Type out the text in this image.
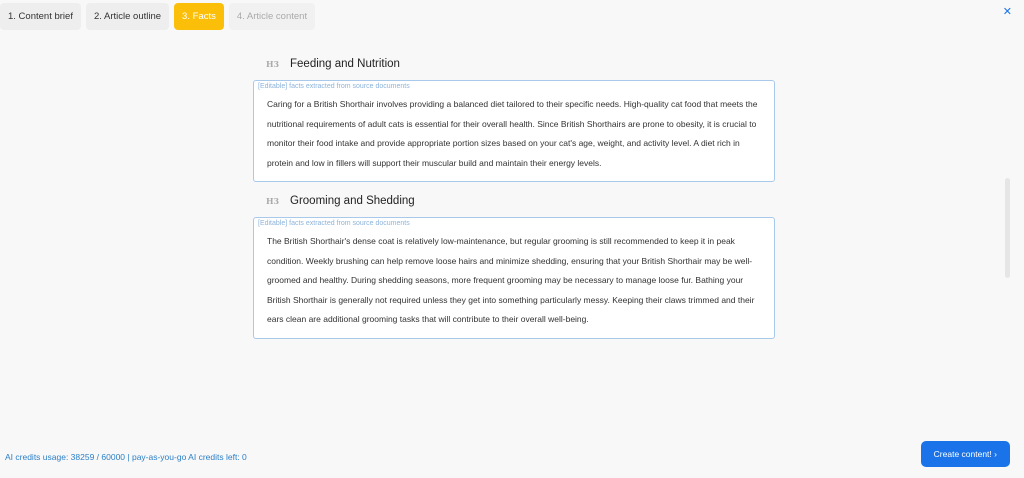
1. Content brief	2. Article outline	3. Facts	4. Article content	✕
H3 Feeding and Nutrition
[Editable] facts extracted from source documents
Caring for a British Shorthair involves providing a balanced diet tailored to their specific needs. High-quality cat food that meets the nutritional requirements of adult cats is essential for their overall health. Since British Shorthairs are prone to obesity, it is crucial to monitor their food intake and provide appropriate portion sizes based on your cat's age, weight, and activity level. A diet rich in protein and low in fillers will support their muscular build and maintain their energy levels.
H3 Grooming and Shedding
[Editable] facts extracted from source documents
The British Shorthair's dense coat is relatively low-maintenance, but regular grooming is still recommended to keep it in peak condition. Weekly brushing can help remove loose hairs and minimize shedding, ensuring that your British Shorthair may be well-groomed and healthy. During shedding seasons, more frequent grooming may be necessary to manage loose fur. Bathing your British Shorthair is generally not required unless they get into something particularly messy. Keeping their claws trimmed and their ears clean are additional grooming tasks that will contribute to their overall well-being.
AI credits usage: 38259 / 60000 | pay-as-you-go AI credits left: 0	Create content! ›
